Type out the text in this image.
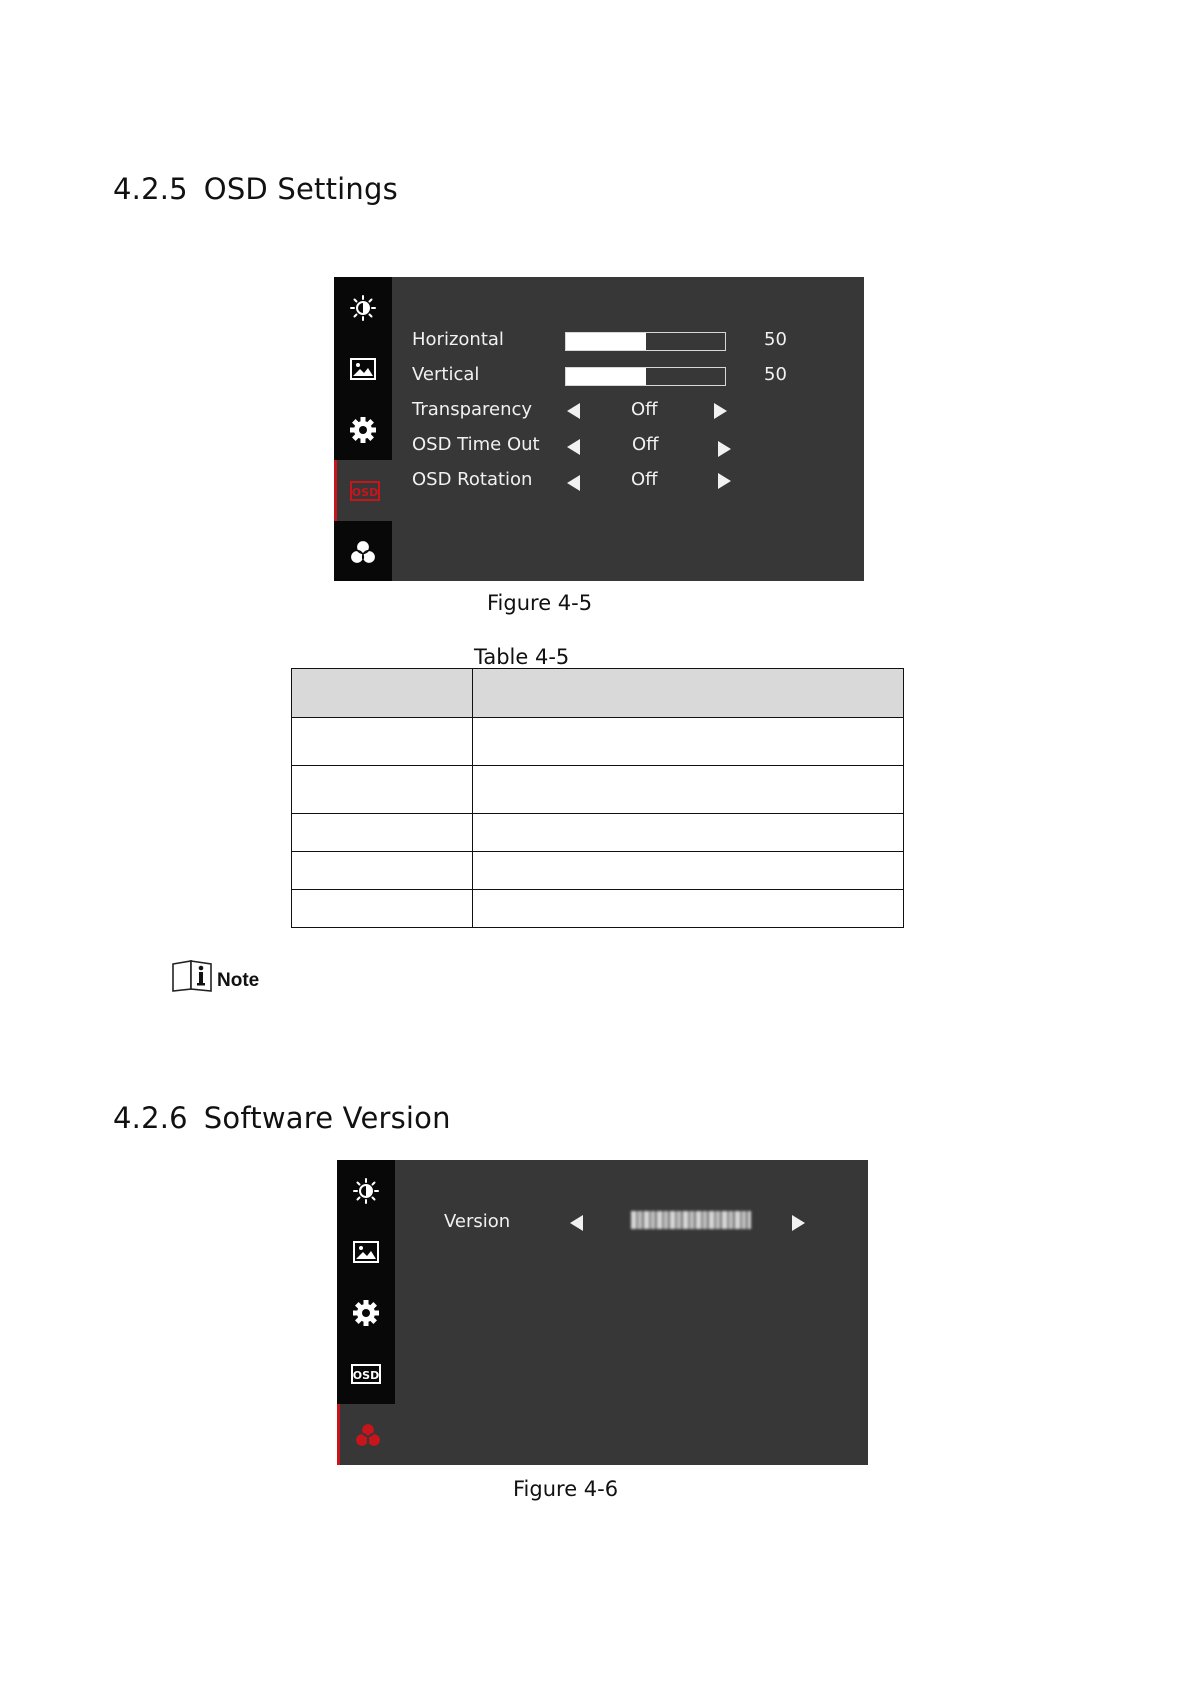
4.2.5 OSD Settings
OSD
Horizontal	50
Vertical	50
Transparency	Off
OSD Time Out	Off
OSD Rotation	Off
Figure 4-5
Table 4-5

Note
4.2.6 Software Version
OSD
Version
Figure 4-6
